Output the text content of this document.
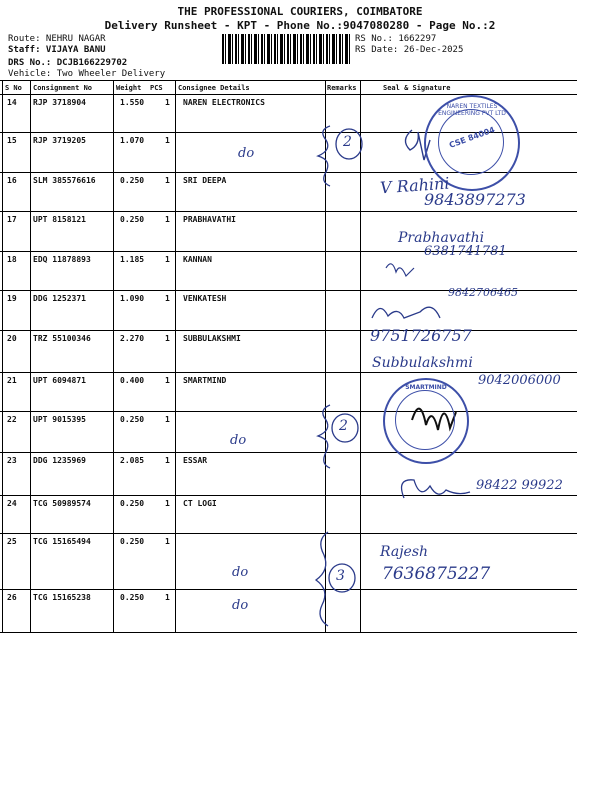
THE PROFESSIONAL COURIERS, COIMBATORE
Delivery Runsheet - KPT - Phone No.:9047080280 - Page No.:2
Route: NEHRU NAGAR
Staff: VIJAYA BANU
DRS No.: DCJB166229702
Vehicle: Two Wheeler Delivery
RS No.: 1662297
RS Date: 26-Dec-2025
S No Consignment No	Weight PCS Consignee Details	Remarks	Seal & Signature
14 RJP 3718904	1.550	1 NAREN ELECTRONICS
15 RJP 3719205	1.070	1
16 SLM 385576616	0.250	1 SRI DEEPA
17 UPT 8158121	0.250	1 PRABHAVATHI
18 EDQ 11878893	1.185	1 KANNAN
19 DDG 1252371	1.090	1 VENKATESH
20 TRZ 55100346	2.270	1 SUBBULAKSHMI
21 UPT 6094871	0.400	1 SMARTMIND
22 UPT 9015395	0.250	1
23 DDG 1235969	2.085	1 ESSAR
24 TCG 50989574	0.250	1 CT LOGI
25 TCG 15165494	0.250	1
26 TCG 15165238	0.250	1
NAREN TEXTILES ENGINEERING PVT LTD
CSE 84004
SMARTMIND
do
do
do
do
2
2
3
V Rahini
9843897273
Prabhavathi
6381741781
9842706465
9751726757
Subbulakshmi
9042006000
98422 99922
Rajesh
7636875227
